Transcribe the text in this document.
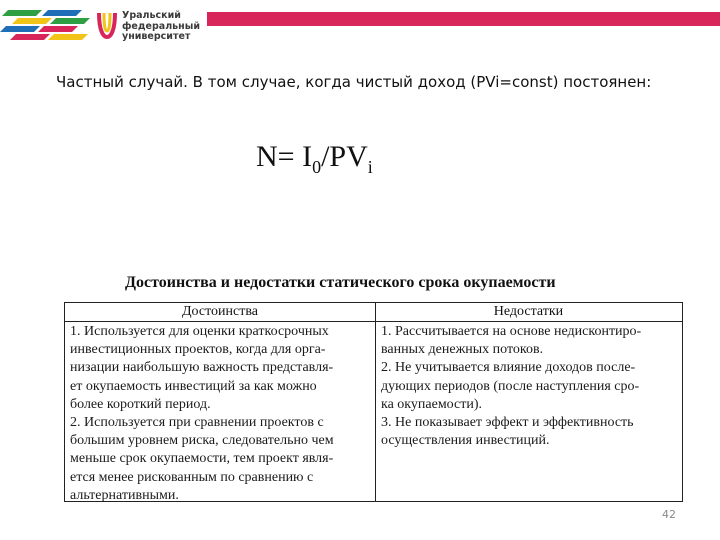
Уральский
федеральный
университет
Частный случай. В том случае, когда чистый доход (PVi=const) постоянен:
$N= I_0/PV_i$
Достоинства и недостатки статического срока окупаемости
Достоинства	Недостатки
1. Используется для оценки краткосрочных
инвестиционных проектов, когда для орга-
низации наибольшую важность представля-
ет окупаемость инвестиций за как можно
более короткий период.
2. Используется при сравнении проектов с
большим уровнем риска, следовательно чем
меньше срок окупаемости, тем проект явля-
ется менее рискованным по сравнению с
альтернативными.
1. Рассчитывается на основе недисконтиро-
ванных денежных потоков.
2. Не учитывается влияние доходов после-
дующих периодов (после наступления сро-
ка окупаемости).
3. Не показывает эффект и эффективность
осуществления инвестиций.
42
